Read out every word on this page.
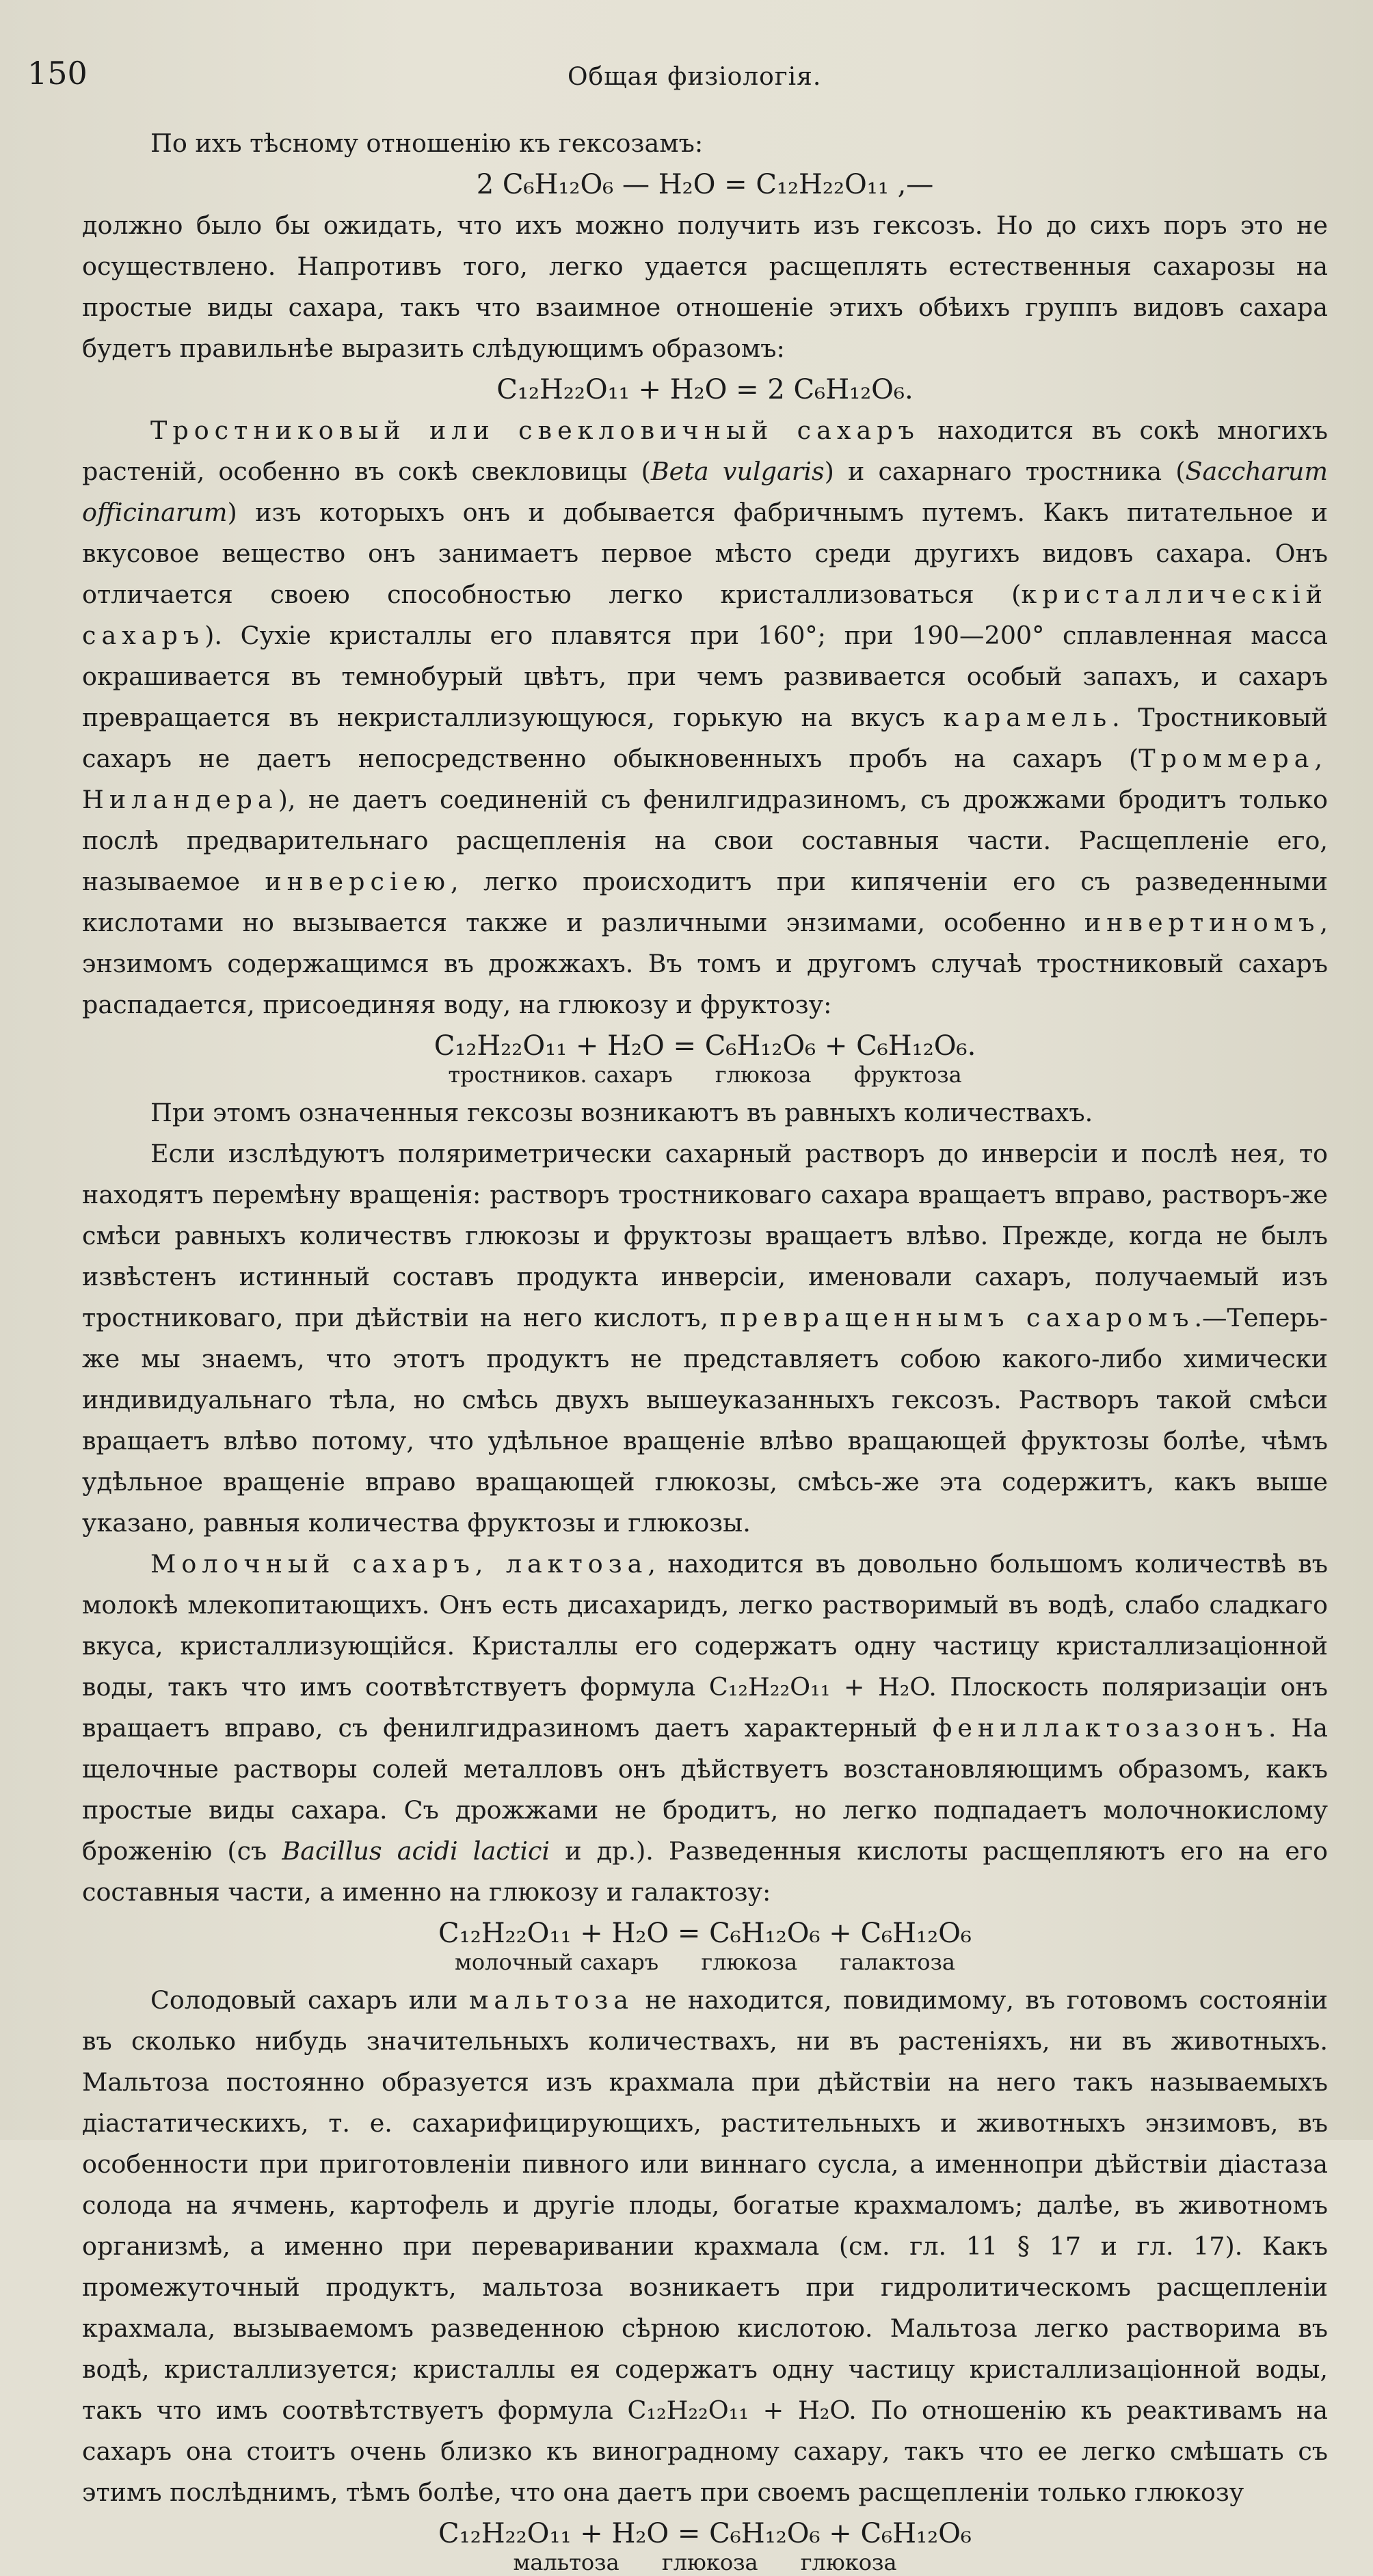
150	Общая физіологія.

По ихъ тѣсному отношенію къ гексозамъ:

2 C₆H₁₂O₆ — H₂O = C₁₂H₂₂O₁₁ ,—

должно было бы ожидать, что ихъ можно получить изъ гексозъ. Но до сихъ поръ это не осуществлено. Напротивъ того, легко удается расщеплять естественныя сахарозы на простые виды сахара, такъ что взаимное отношеніе этихъ обѣихъ группъ видовъ сахара будетъ правильнѣе выразить слѣдующимъ образомъ:

C₁₂H₂₂O₁₁ + H₂O = 2 C₆H₁₂O₆.

Тростниковый или свекловичный сахаръ находится въ сокѣ многихъ растеній, особенно въ сокѣ свекловицы (Beta vulgaris) и сахарнаго тростника (Saccharum officinarum) изъ которыхъ онъ и добывается фабричнымъ путемъ. Какъ питательное и вкусовое вещество онъ занимаетъ первое мѣсто среди другихъ видовъ сахара. Онъ отличается своею способностью легко кристаллизоваться (кристаллическій сахаръ). Сухіе кристаллы его плавятся при 160°; при 190—200° сплавленная масса окрашивается въ темнобурый цвѣтъ, при чемъ развивается особый запахъ, и сахаръ превращается въ некристаллизующуюся, горькую на вкусъ карамель. Тростниковый сахаръ не даетъ непосредственно обыкновенныхъ пробъ на сахаръ (Троммера, Ниландера), не даетъ соединеній съ фенилгидразиномъ, съ дрожжами бродитъ только послѣ предварительнаго расщепленія на свои составныя части. Расщепленіе его, называемое инверсіею, легко происходитъ при кипяченіи его съ разведенными кислотами но вызывается также и различными энзимами, особенно инвертиномъ, энзимомъ содержащимся въ дрожжахъ. Въ томъ и другомъ случаѣ тростниковый сахаръ распадается, присоединяя воду, на глюкозу и фруктозу:

C₁₂H₂₂O₁₁ + H₂O = C₆H₁₂O₆ + C₆H₁₂O₆.

тростников. сахаръ глюкоза фруктоза

При этомъ означенныя гексозы возникаютъ въ равныхъ количествахъ.

Если изслѣдуютъ поляриметрически сахарный растворъ до инверсіи и послѣ нея, то находятъ перемѣну вращенія: растворъ тростниковаго сахара вращаетъ вправо, растворъ-же смѣси равныхъ количествъ глюкозы и фруктозы вращаетъ влѣво. Прежде, когда не былъ извѣстенъ истинный составъ продукта инверсіи, именовали сахаръ, получаемый изъ тростниковаго, при дѣйствіи на него кислотъ, превращеннымъ сахаромъ.—Теперь-же мы знаемъ, что этотъ продуктъ не представляетъ собою какого-либо химически индивидуальнаго тѣла, но смѣсь двухъ вышеуказанныхъ гексозъ. Растворъ такой смѣси вращаетъ влѣво потому, что удѣльное вращеніе влѣво вращающей фруктозы болѣе, чѣмъ удѣльное вращеніе вправо вращающей глюкозы, смѣсь-же эта содержитъ, какъ выше указано, равныя количества фруктозы и глюкозы.

Молочный сахаръ, лактоза, находится въ довольно большомъ количествѣ въ молокѣ млекопитающихъ. Онъ есть дисахаридъ, легко растворимый въ водѣ, слабо сладкаго вкуса, кристаллизующійся. Кристаллы его содержатъ одну частицу кристаллизаціонной воды, такъ что имъ соотвѣтствуетъ формула C₁₂H₂₂O₁₁ + H₂O. Плоскость поляризаціи онъ вращаетъ вправо, съ фенилгидразиномъ даетъ характерный фениллактозазонъ. На щелочные растворы солей металловъ онъ дѣйствуетъ возстановляющимъ образомъ, какъ простые виды сахара. Съ дрожжами не бродитъ, но легко подпадаетъ молочнокислому броженію (съ Bacillus acidi lactici и др.). Разведенныя кислоты расщепляютъ его на его составныя части, а именно на глюкозу и галактозу:

C₁₂H₂₂O₁₁ + H₂O = C₆H₁₂O₆ + C₆H₁₂O₆

молочный сахаръ глюкоза галактоза

Солодовый сахаръ или мальтоза не находится, повидимому, въ готовомъ состояніи въ сколько нибудь значительныхъ количествахъ, ни въ растеніяхъ, ни въ животныхъ. Мальтоза постоянно образуется изъ крахмала при дѣйствіи на него такъ называемыхъ діастатическихъ, т. е. сахарифицирующихъ, растительныхъ и животныхъ энзимовъ, въ особенности при приготовленіи пивного или виннаго сусла, а именнопри дѣйствіи діастаза солода на ячмень, картофель и другіе плоды, богатые крахмаломъ; далѣе, въ животномъ организмѣ, а именно при переваривании крахмала (см. гл. 11 § 17 и гл. 17). Какъ промежуточный продуктъ, мальтоза возникаетъ при гидролитическомъ расщепленіи крахмала, вызываемомъ разведенною сѣрною кислотою. Мальтоза легко растворима въ водѣ, кристаллизуется; кристаллы ея содержатъ одну частицу кристаллизаціонной воды, такъ что имъ соотвѣтствуетъ формула C₁₂H₂₂O₁₁ + H₂O. По отношенію къ реактивамъ на сахаръ она стоитъ очень близко къ виноградному сахару, такъ что ее легко смѣшать съ этимъ послѣднимъ, тѣмъ болѣе, что она даетъ при своемъ расщепленіи только глюкозу

C₁₂H₂₂O₁₁ + H₂O = C₆H₁₂O₆ + C₆H₁₂O₆

мальтоза глюкоза глюкоза
